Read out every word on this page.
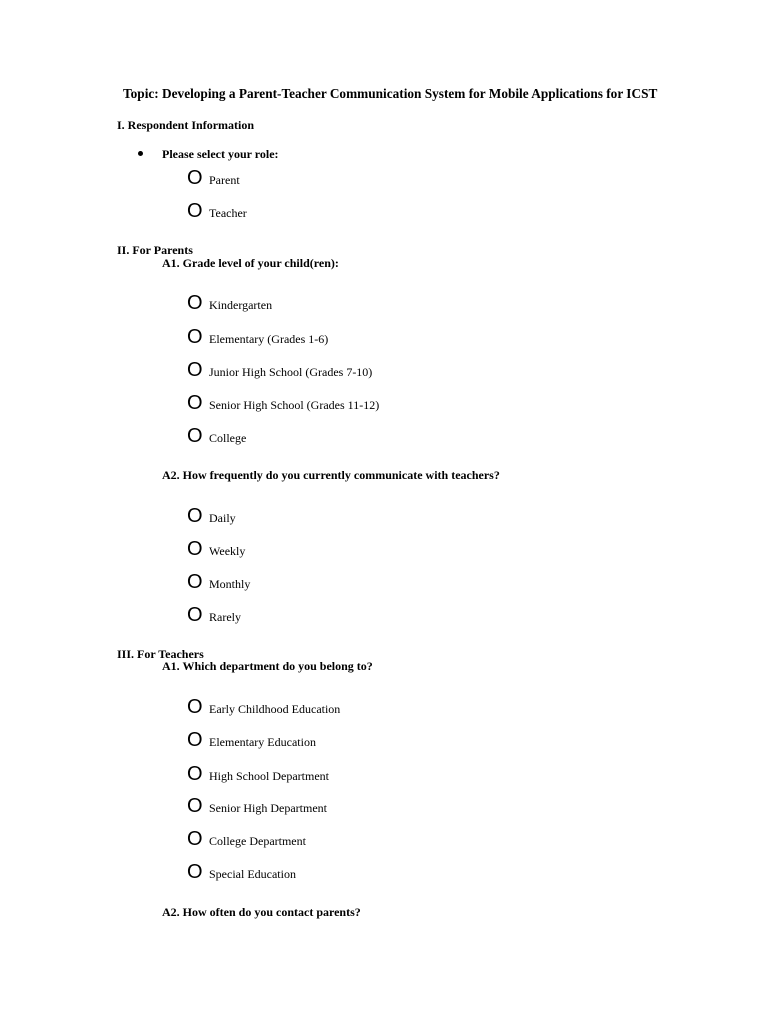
Topic: Developing a Parent-Teacher Communication System for Mobile Applications for ICST
I. Respondent Information
Please select your role:
O Parent
O Teacher
II. For Parents
A1. Grade level of your child(ren):
O Kindergarten
O Elementary (Grades 1-6)
O Junior High School (Grades 7-10)
O Senior High School (Grades 11-12)
O College
A2. How frequently do you currently communicate with teachers?
O Daily
O Weekly
O Monthly
O Rarely
III. For Teachers
A1. Which department do you belong to?
O Early Childhood Education
O Elementary Education
O High School Department
O Senior High Department
O College Department
O Special Education
A2. How often do you contact parents?
